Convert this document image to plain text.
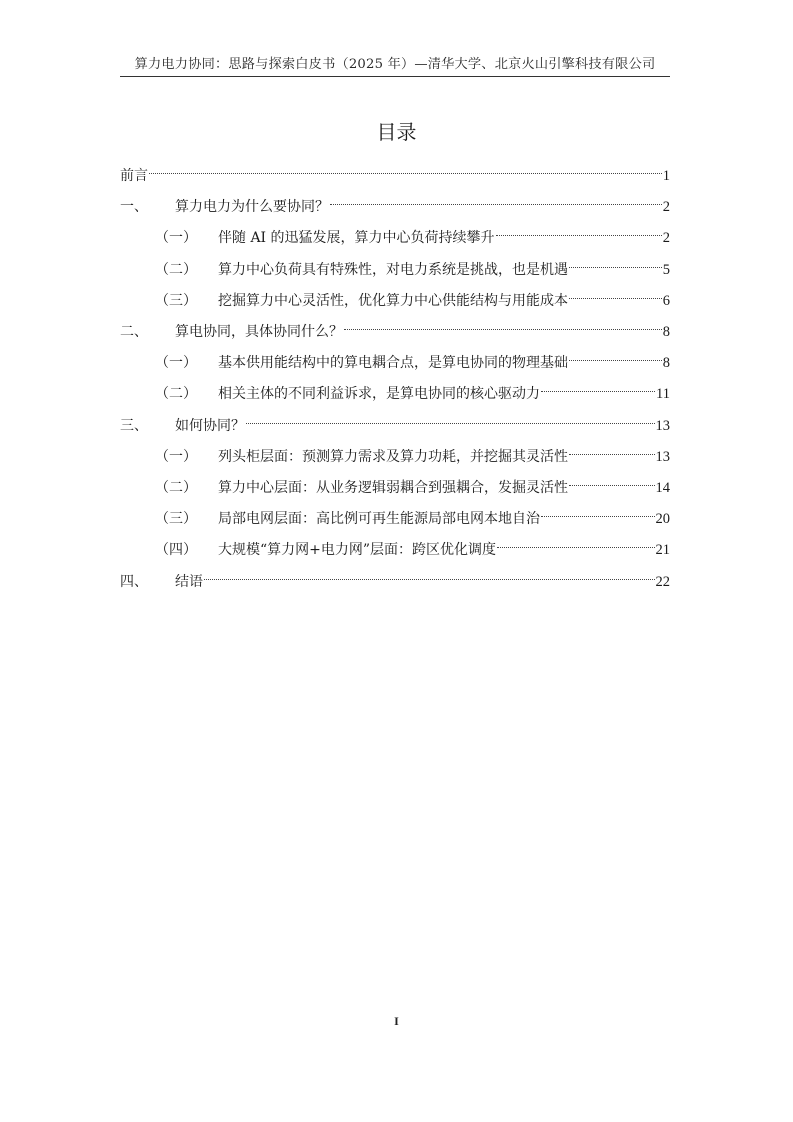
算力电力协同：思路与探索白皮书（2025 年）—清华大学、北京火山引擎科技有限公司
目录
前言	1
一、	算力电力为什么要协同？	2
（一）	伴随 AI 的迅猛发展，算力中心负荷持续攀升	2
（二）	算力中心负荷具有特殊性，对电力系统是挑战，也是机遇	5
（三）	挖掘算力中心灵活性，优化算力中心供能结构与用能成本	6
二、	算电协同，具体协同什么？	8
（一）	基本供用能结构中的算电耦合点，是算电协同的物理基础	8
（二）	相关主体的不同利益诉求，是算电协同的核心驱动力	11
三、	如何协同？	13
（一）	列头柜层面：预测算力需求及算力功耗，并挖掘其灵活性	13
（二）	算力中心层面：从业务逻辑弱耦合到强耦合，发掘灵活性	14
（三）	局部电网层面：高比例可再生能源局部电网本地自治	20
（四）	大规模“算力网+电力网”层面：跨区优化调度	21
四、	结语	22
I
